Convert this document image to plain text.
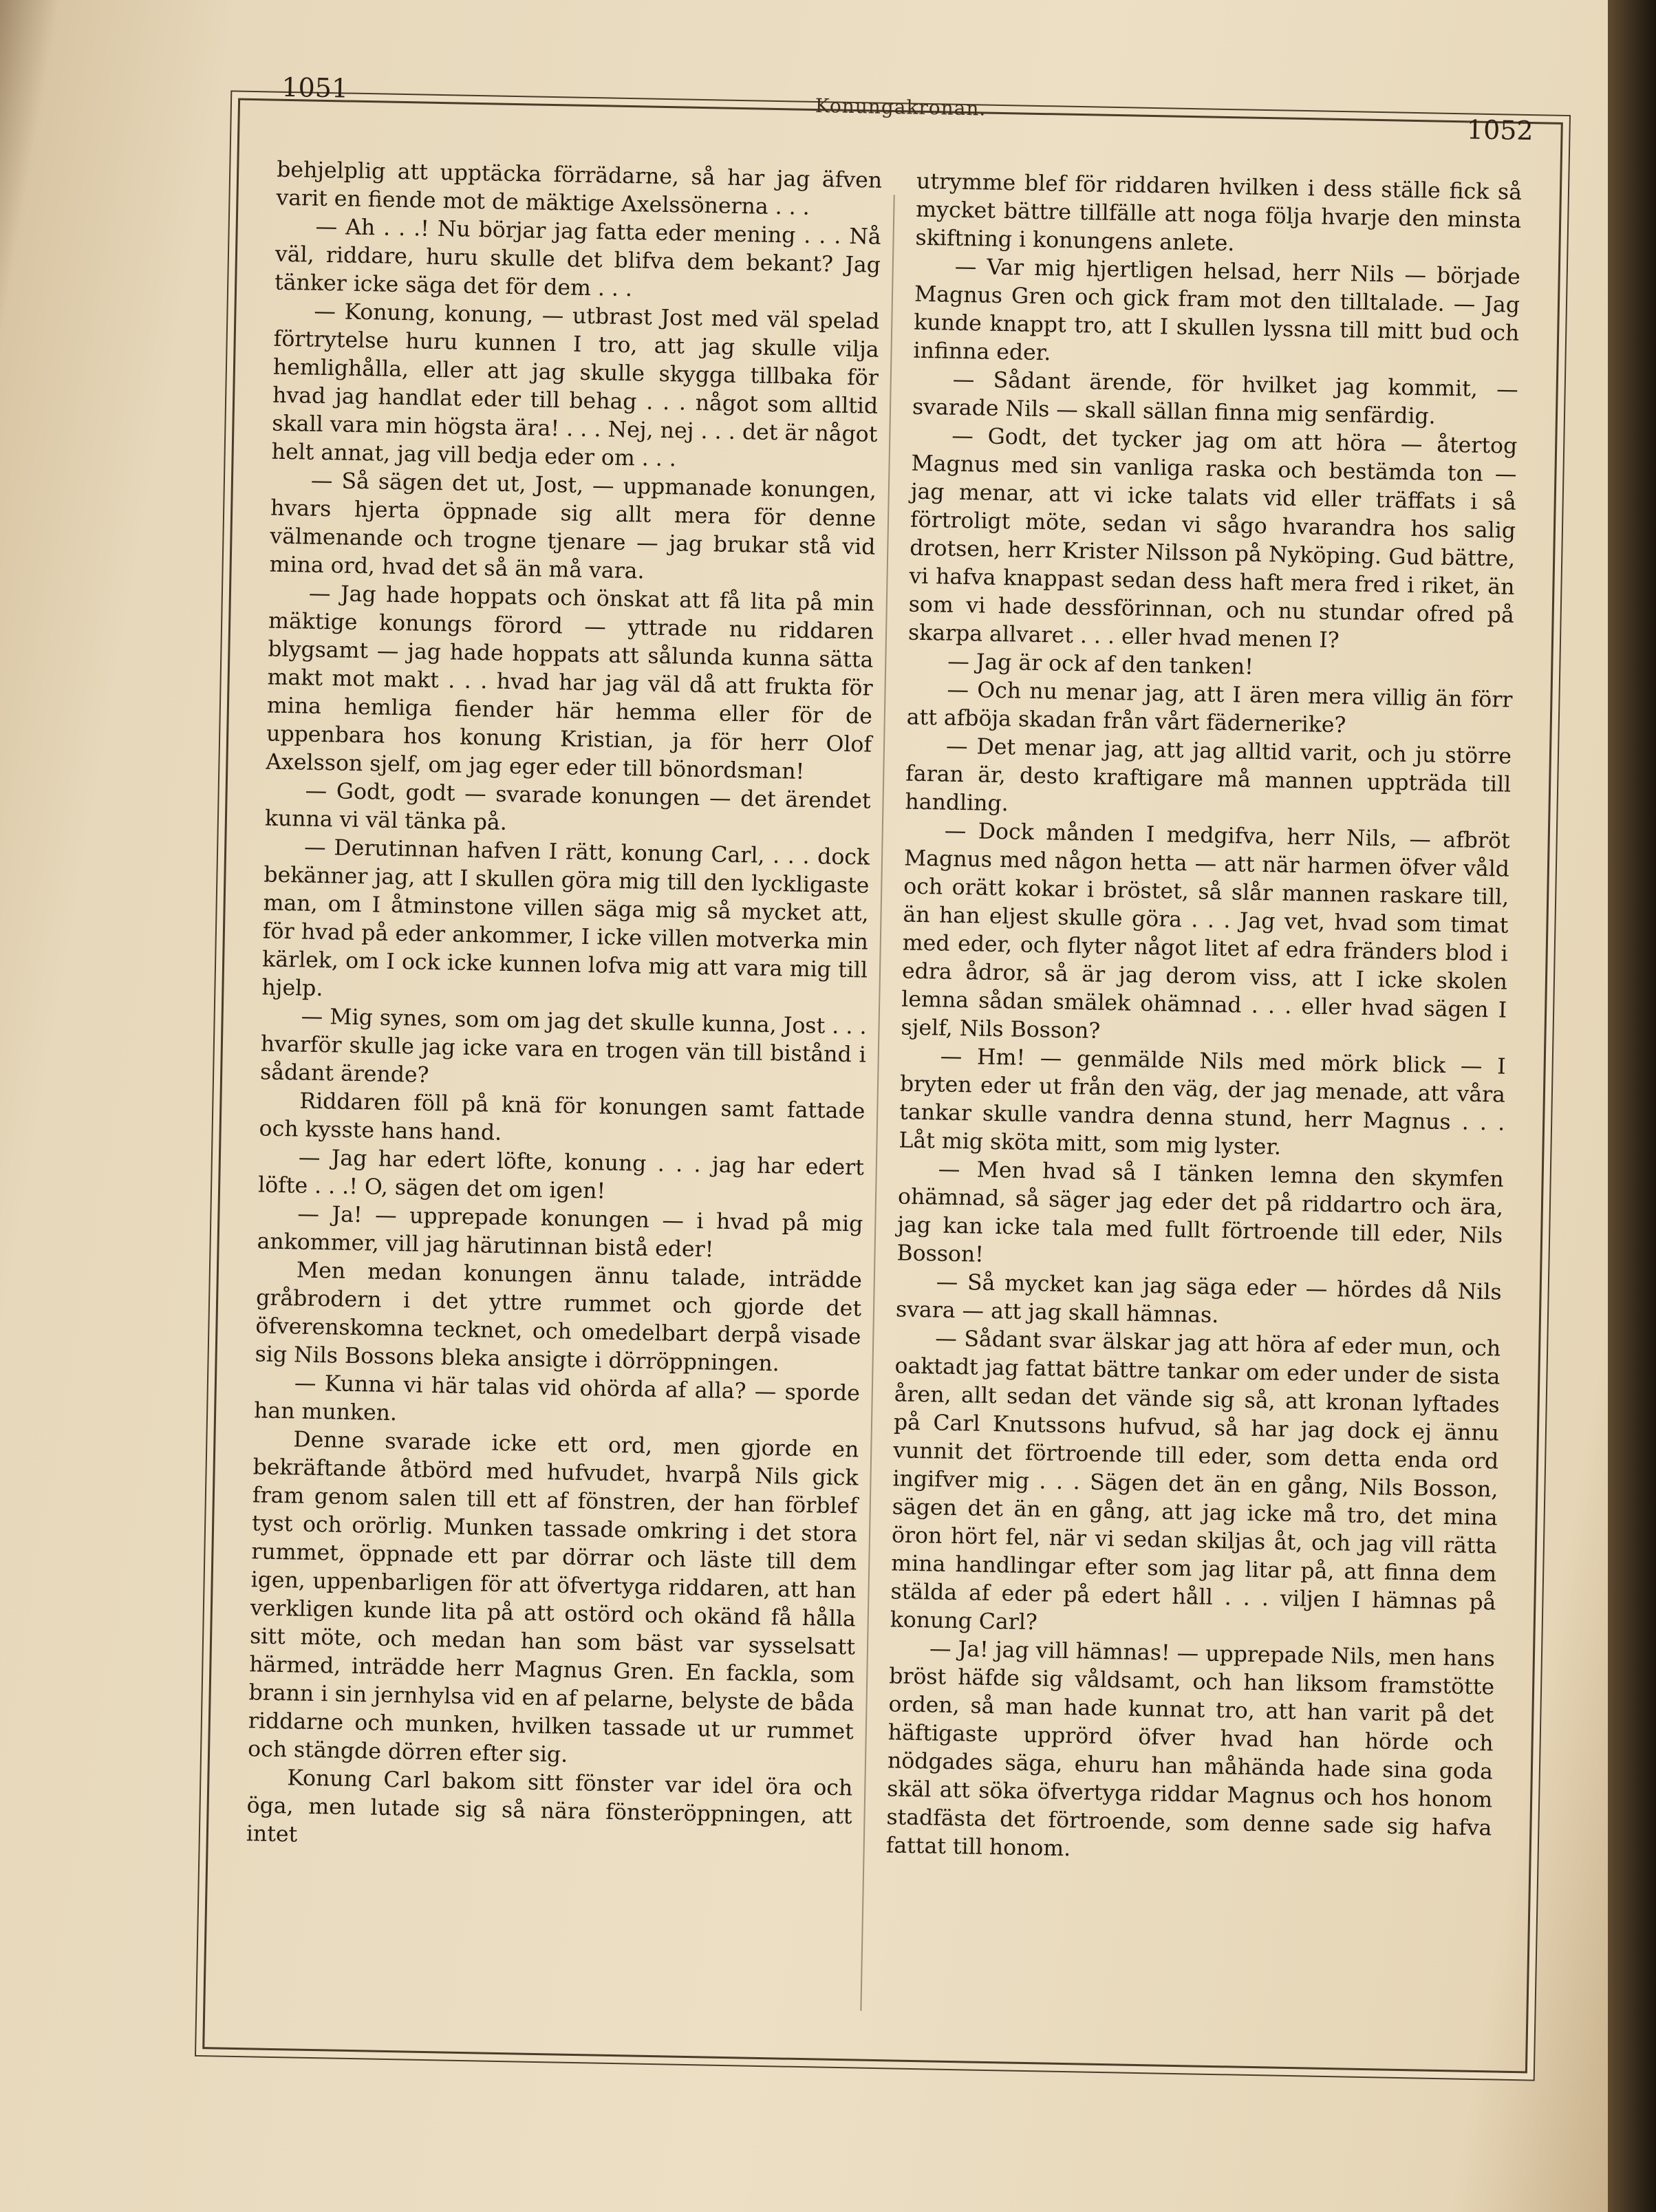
1051
Konungakronan.
1052

behjelplig att upptäcka förrädarne, så har jag äfven varit en fiende mot de mäktige Axelssönerna . . .

— Ah . . .! Nu börjar jag fatta eder mening . . . Nå väl, riddare, huru skulle det blifva dem bekant? Jag tänker icke säga det för dem . . .

— Konung, konung, — utbrast Jost med väl spelad förtrytelse huru kunnen I tro, att jag skulle vilja hemlighålla, eller att jag skulle skygga tillbaka för hvad jag handlat eder till behag . . . något som alltid skall vara min högsta ära! . . . Nej, nej . . . det är något helt annat, jag vill bedja eder om . . .

— Så sägen det ut, Jost, — uppmanade konungen, hvars hjerta öppnade sig allt mera för denne välmenande och trogne tjenare — jag brukar stå vid mina ord, hvad det så än må vara.

— Jag hade hoppats och önskat att få lita på min mäktige konungs förord — yttrade nu riddaren blygsamt — jag hade hoppats att sålunda kunna sätta makt mot makt . . . hvad har jag väl då att frukta för mina hemliga fiender här hemma eller för de uppenbara hos konung Kristian, ja för herr Olof Axelsson sjelf, om jag eger eder till bönordsman!

— Godt, godt — svarade konungen — det ärendet kunna vi väl tänka på.

— Derutinnan hafven I rätt, konung Carl, . . . dock bekänner jag, att I skullen göra mig till den lyckligaste man, om I åtminstone villen säga mig så mycket att, för hvad på eder ankommer, I icke villen motverka min kärlek, om I ock icke kunnen lofva mig att vara mig till hjelp.

— Mig synes, som om jag det skulle kunna, Jost . . . hvarför skulle jag icke vara en trogen vän till bistånd i sådant ärende?

Riddaren föll på knä för konungen samt fattade och kysste hans hand.

— Jag har edert löfte, konung . . . jag har edert löfte . . .! O, sägen det om igen!

— Ja! — upprepade konungen — i hvad på mig ankommer, vill jag härutinnan bistå eder!

Men medan konungen ännu talade, inträdde gråbrodern i det yttre rummet och gjorde det öfverenskomna tecknet, och omedelbart derpå visade sig Nils Bossons bleka ansigte i dörröppningen.

— Kunna vi här talas vid ohörda af alla? — sporde han munken.

Denne svarade icke ett ord, men gjorde en bekräftande åtbörd med hufvudet, hvarpå Nils gick fram genom salen till ett af fönstren, der han förblef tyst och orörlig. Munken tassade omkring i det stora rummet, öppnade ett par dörrar och läste till dem igen, uppenbarligen för att öfvertyga riddaren, att han verkligen kunde lita på att ostörd och okänd få hålla sitt möte, och medan han som bäst var sysselsatt härmed, inträdde herr Magnus Gren. En fackla, som brann i sin jernhylsa vid en af pelarne, belyste de båda riddarne och munken, hvilken tassade ut ur rummet och stängde dörren efter sig.

Konung Carl bakom sitt fönster var idel öra och öga, men lutade sig så nära fönsteröppningen, att intet

utrymme blef för riddaren hvilken i dess ställe fick så mycket bättre tillfälle att noga följa hvarje den minsta skiftning i konungens anlete.

— Var mig hjertligen helsad, herr Nils — började Magnus Gren och gick fram mot den tilltalade. — Jag kunde knappt tro, att I skullen lyssna till mitt bud och infinna eder.

— Sådant ärende, för hvilket jag kommit, — svarade Nils — skall sällan finna mig senfärdig.

— Godt, det tycker jag om att höra — återtog Magnus med sin vanliga raska och bestämda ton — jag menar, att vi icke talats vid eller träffats i så förtroligt möte, sedan vi sågo hvarandra hos salig drotsen, herr Krister Nilsson på Nyköping. Gud bättre, vi hafva knappast sedan dess haft mera fred i riket, än som vi hade dessförinnan, och nu stundar ofred på skarpa allvaret . . . eller hvad menen I?

— Jag är ock af den tanken!

— Och nu menar jag, att I ären mera villig än förr att afböja skadan från vårt fädernerike?

— Det menar jag, att jag alltid varit, och ju större faran är, desto kraftigare må mannen uppträda till handling.

— Dock månden I medgifva, herr Nils, — afbröt Magnus med någon hetta — att när harmen öfver våld och orätt kokar i bröstet, så slår mannen raskare till, än han eljest skulle göra . . . Jag vet, hvad som timat med eder, och flyter något litet af edra fränders blod i edra ådror, så är jag derom viss, att I icke skolen lemna sådan smälek ohämnad . . . eller hvad sägen I sjelf, Nils Bosson?

— Hm! — genmälde Nils med mörk blick — I bryten eder ut från den väg, der jag menade, att våra tankar skulle vandra denna stund, herr Magnus . . . Låt mig sköta mitt, som mig lyster.

— Men hvad så I tänken lemna den skymfen ohämnad, så säger jag eder det på riddartro och ära, jag kan icke tala med fullt förtroende till eder, Nils Bosson!

— Så mycket kan jag säga eder — hördes då Nils svara — att jag skall hämnas.

— Sådant svar älskar jag att höra af eder mun, och oaktadt jag fattat bättre tankar om eder under de sista åren, allt sedan det vände sig så, att kronan lyftades på Carl Knutssons hufvud, så har jag dock ej ännu vunnit det förtroende till eder, som detta enda ord ingifver mig . . . Sägen det än en gång, Nils Bosson, sägen det än en gång, att jag icke må tro, det mina öron hört fel, när vi sedan skiljas åt, och jag vill rätta mina handlingar efter som jag litar på, att finna dem stälda af eder på edert håll . . . viljen I hämnas på konung Carl?

— Ja! jag vill hämnas! — upprepade Nils, men hans bröst häfde sig våldsamt, och han liksom framstötte orden, så man hade kunnat tro, att han varit på det häftigaste upprörd öfver hvad han hörde och nödgades säga, ehuru han måhända hade sina goda skäl att söka öfvertyga riddar Magnus och hos honom stadfästa det förtroende, som denne sade sig hafva fattat till honom.
